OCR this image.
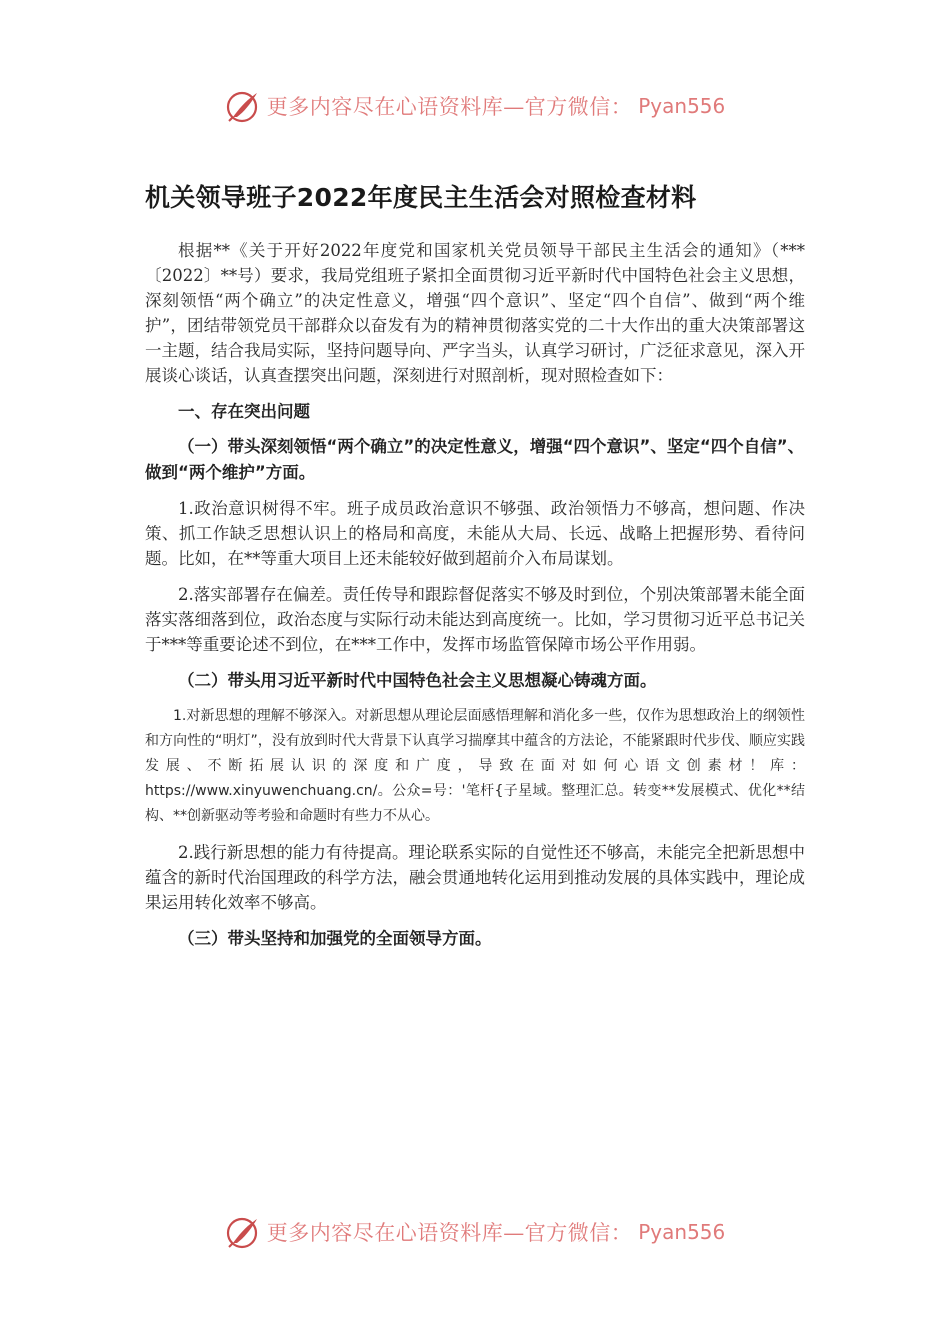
更多内容尽在心语资料库—官方微信： Pyan556

机关领导班子2022年度民主生活会对照检查材料

根据**《关于开好2022年度党和国家机关党员领导干部民主生活会的通知》（***〔2022〕**号）要求，我局党组班子紧扣全面贯彻习近平新时代中国特色社会主义思想，深刻领悟“两个确立”的决定性意义，增强“四个意识”、坚定“四个自信”、做到“两个维护”，团结带领党员干部群众以奋发有为的精神贯彻落实党的二十大作出的重大决策部署这一主题，结合我局实际，坚持问题导向、严字当头，认真学习研讨，广泛征求意见，深入开展谈心谈话，认真查摆突出问题，深刻进行对照剖析，现对照检查如下：

一、存在突出问题

（一）带头深刻领悟“两个确立”的决定性意义，增强“四个意识”、坚定“四个自信”、做到“两个维护”方面。

1.政治意识树得不牢。班子成员政治意识不够强、政治领悟力不够高，想问题、作决策、抓工作缺乏思想认识上的格局和高度，未能从大局、长远、战略上把握形势、看待问题。比如，在**等重大项目上还未能较好做到超前介入布局谋划。

2.落实部署存在偏差。责任传导和跟踪督促落实不够及时到位，个别决策部署未能全面落实落细落到位，政治态度与实际行动未能达到高度统一。比如，学习贯彻习近平总书记关于***等重要论述不到位，在***工作中，发挥市场监管保障市场公平作用弱。

（二）带头用习近平新时代中国特色社会主义思想凝心铸魂方面。

1.对新思想的理解不够深入。对新思想从理论层面感悟理解和消化多一些，仅作为思想政治上的纲领性和方向性的“明灯”，没有放到时代大背景下认真学习揣摩其中蕴含的方法论，不能紧跟时代步伐、顺应实践发展、不断拓展认识的深度和广度，导致在面对如何心语文创素材！库：https://www.xinyuwenchuang.cn/。公众=号：'笔杆{子星域。整理汇总。转变**发展模式、优化**结构、**创新驱动等考验和命题时有些力不从心。

2.践行新思想的能力有待提高。理论联系实际的自觉性还不够高，未能完全把新思想中蕴含的新时代治国理政的科学方法，融会贯通地转化运用到推动发展的具体实践中，理论成果运用转化效率不够高。

（三）带头坚持和加强党的全面领导方面。

更多内容尽在心语资料库—官方微信： Pyan556
